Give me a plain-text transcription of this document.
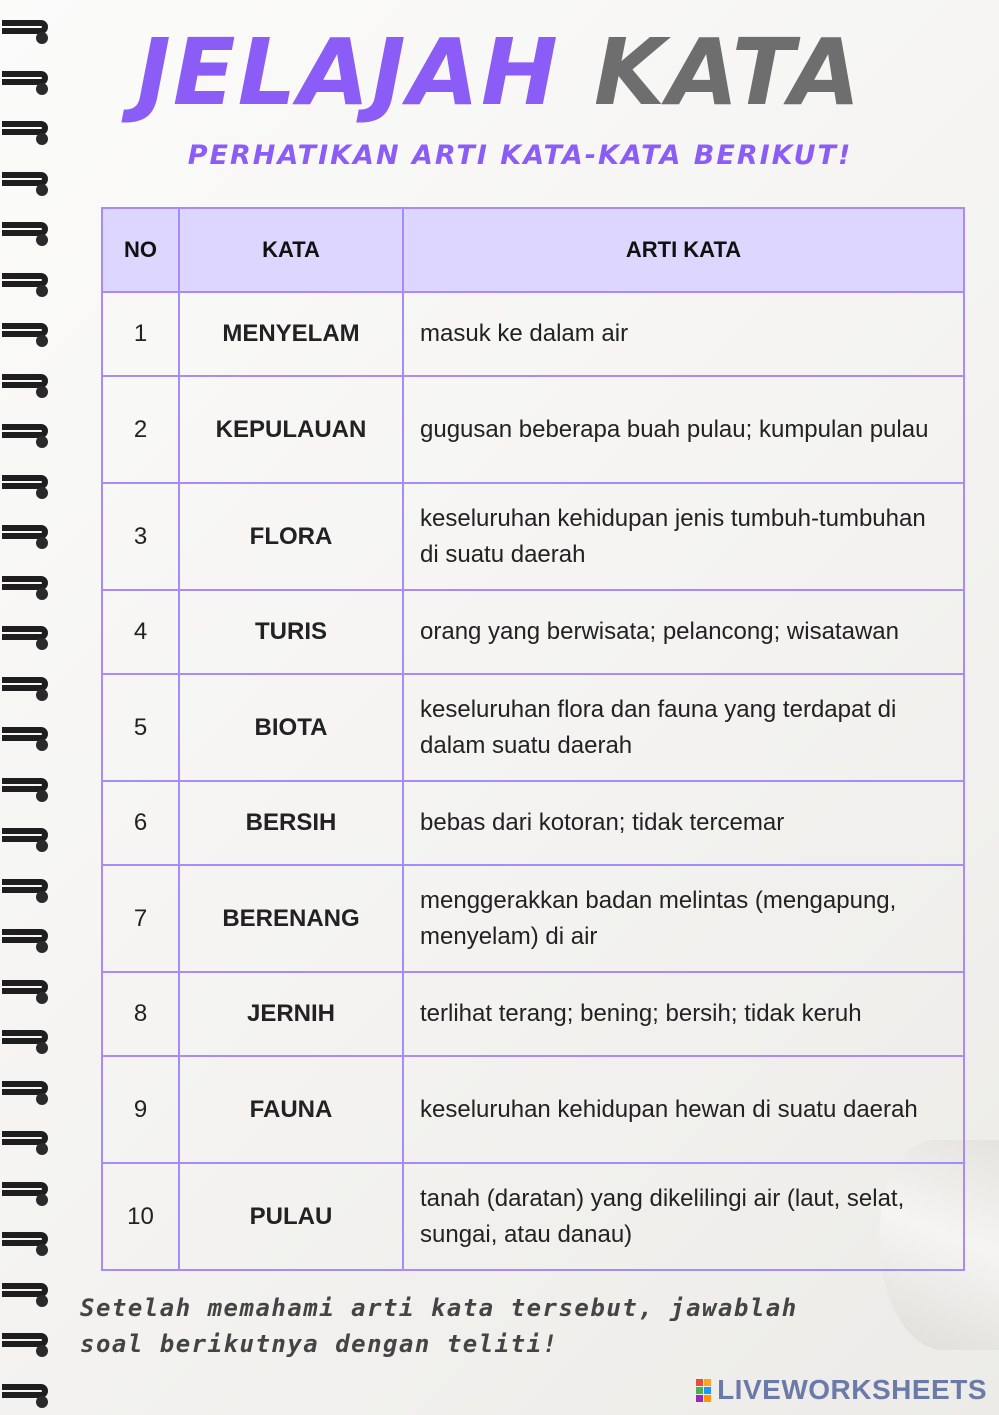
JELAJAH KATA
PERHATIKAN ARTI KATA-KATA BERIKUT!
NO	KATA	ARTI KATA
1	MENYELAM	masuk ke dalam air
2	KEPULAUAN	gugusan beberapa buah pulau; kumpulan pulau
3	FLORA	keseluruhan kehidupan jenis tumbuh-tumbuhan di suatu daerah
4	TURIS	orang yang berwisata; pelancong; wisatawan
5	BIOTA	keseluruhan flora dan fauna yang terdapat di dalam suatu daerah
6	BERSIH	bebas dari kotoran; tidak tercemar
7	BERENANG	menggerakkan badan melintas (mengapung, menyelam) di air
8	JERNIH	terlihat terang; bening; bersih; tidak keruh
9	FAUNA	keseluruhan kehidupan hewan di suatu daerah
10	PULAU	tanah (daratan) yang dikelilingi air (laut, selat, sungai, atau danau)
Setelah memahami arti kata tersebut, jawablah soal berikutnya dengan teliti!
LIVEWORKSHEETS
